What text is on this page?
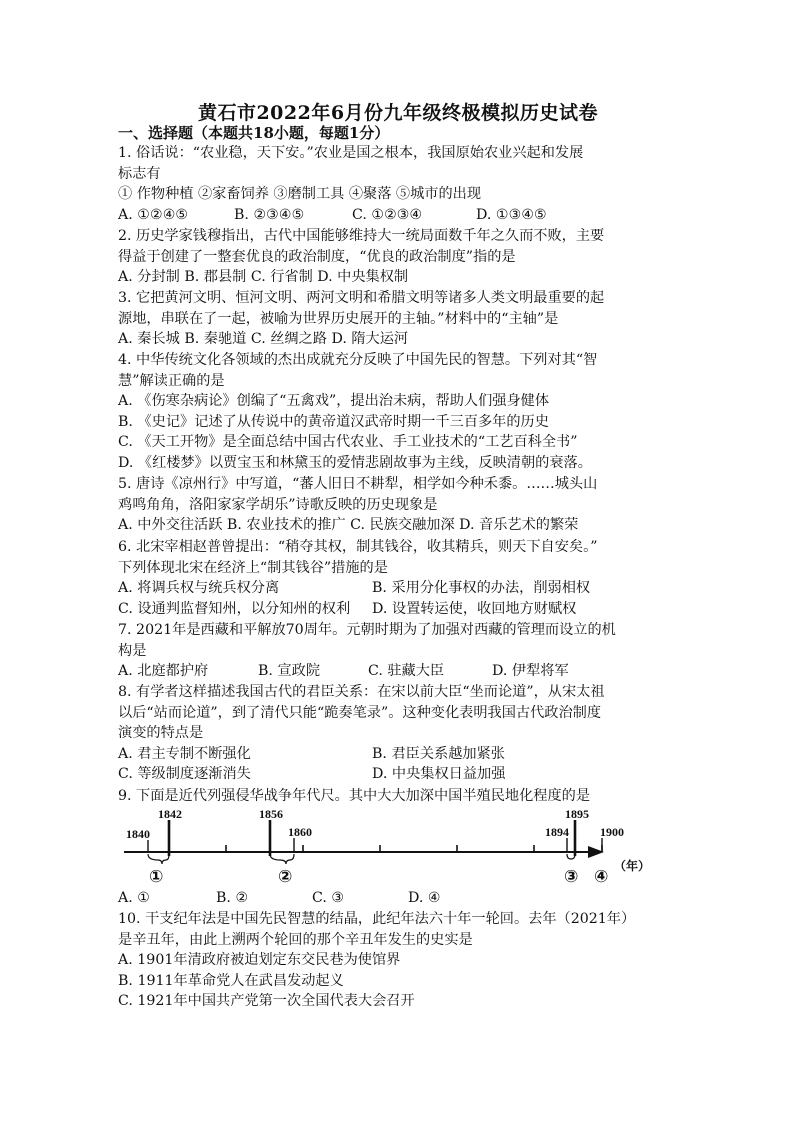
黄石市2022年6月份九年级终极模拟历史试卷
一、选择题（本题共18小题，每题1分）
1. 俗话说：“农业稳，天下安。”农业是国之根本，我国原始农业兴起和发展
标志有
① 作物种植 ②家畜饲养 ③磨制工具 ④聚落 ⑤城市的出现
A. ①②④⑤	B. ②③④⑤	C. ①②③④	D. ①③④⑤
2. 历史学家钱穆指出，古代中国能够维持大一统局面数千年之久而不败，主要
得益于创建了一整套优良的政治制度，“优良的政治制度”指的是
A. 分封制 B. 郡县制 C. 行省制 D. 中央集权制
3. 它把黄河文明、恒河文明、两河文明和希腊文明等诸多人类文明最重要的起
源地，串联在了一起，被喻为世界历史展开的主轴。”材料中的“主轴”是
A. 秦长城 B. 秦驰道 C. 丝绸之路 D. 隋大运河
4. 中华传统文化各领域的杰出成就充分反映了中国先民的智慧。下列对其“智
慧”解读正确的是
A. 《伤寒杂病论》创编了“五禽戏”，提出治未病，帮助人们强身健体
B. 《史记》记述了从传说中的黄帝道汉武帝时期一千三百多年的历史
C. 《天工开物》是全面总结中国古代农业、手工业技术的“工艺百科全书”
D. 《红楼梦》以贾宝玉和林黛玉的爱情悲剧故事为主线，反映清朝的衰落。
5. 唐诗《凉州行》中写道，“蕃人旧日不耕犁，相学如今种禾黍。……城头山
鸡鸣角角，洛阳家家学胡乐”诗歌反映的历史现象是
A. 中外交往活跃 B. 农业技术的推广 C. 民族交融加深 D. 音乐艺术的繁荣
6. 北宋宰相赵普曾提出：“稍夺其权，制其钱谷，收其精兵，则天下自安矣。”
下列体现北宋在经济上“制其钱谷”措施的是
A. 将调兵权与统兵权分离	B. 采用分化事权的办法，削弱相权
C. 设通判监督知州，以分知州的权利	D. 设置转运使，收回地方财赋权
7. 2021年是西藏和平解放70周年。元朝时期为了加强对西藏的管理而设立的机
构是
A. 北庭都护府	B. 宣政院	C. 驻藏大臣	D. 伊犁将军
8. 有学者这样描述我国古代的君臣关系：在宋以前大臣“坐而论道”，从宋太祖
以后“站而论道”，到了清代只能“跪奏笔录”。这种变化表明我国古代政治制度
演变的特点是
A. 君主专制不断强化	B. 君臣关系越加紧张
C. 等级制度逐渐消失	D. 中央集权日益加强
9. 下面是近代列强侵华战争年代尺。其中大大加深中国半殖民地化程度的是
1840
1842	1856
1860	1894
1895
1900
①	②	③ ④
（年）
A. ①	B. ②	C. ③	D. ④
10. 干支纪年法是中国先民智慧的结晶，此纪年法六十年一轮回。去年（2021年）
是辛丑年，由此上溯两个轮回的那个辛丑年发生的史实是
A. 1901年清政府被迫划定东交民巷为使馆界
B. 1911年革命党人在武昌发动起义
C. 1921年中国共产党第一次全国代表大会召开
